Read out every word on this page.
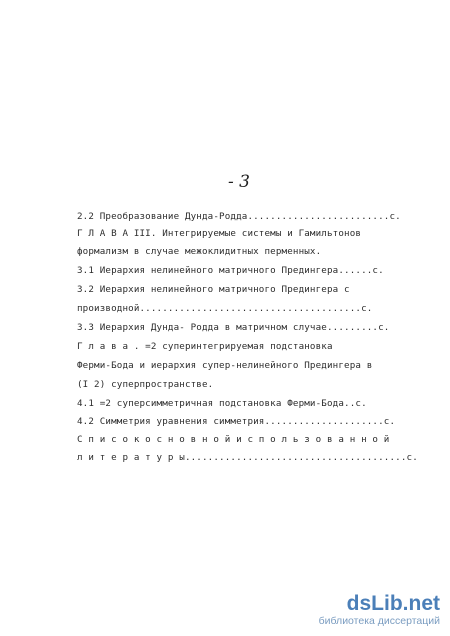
- 3
2.2 Преобразование Дунда-Родда.........................с.
Г Л А В А III. Интегрируемые системы и Гамильтонов
формализм в случае межоклидитных перменных.
3.1 Иерархия нелинейного матричного Предингера......с.
3.2 Иерархия нелинейного матричного Предингера с
производной.......................................с.
3.3 Иерархия Дунда- Родда в матричном случае.........с.
Г л а в а . =2 суперинтегрируемая подстановка
Ферми-Бода и иерархия супер-нелинейного Предингера в
(I 2) суперпространстве.
4.1 =2 суперсимметричная подстановка Ферми-Бода..с.
4.2 Симметрия уравнения симметрия.....................с.
С п и с о к о с н о в н о й и с п о л ь з о в а н н о й
л и т е р а т у р ы.......................................с.
dsLib.net
библиотека диссертаций
